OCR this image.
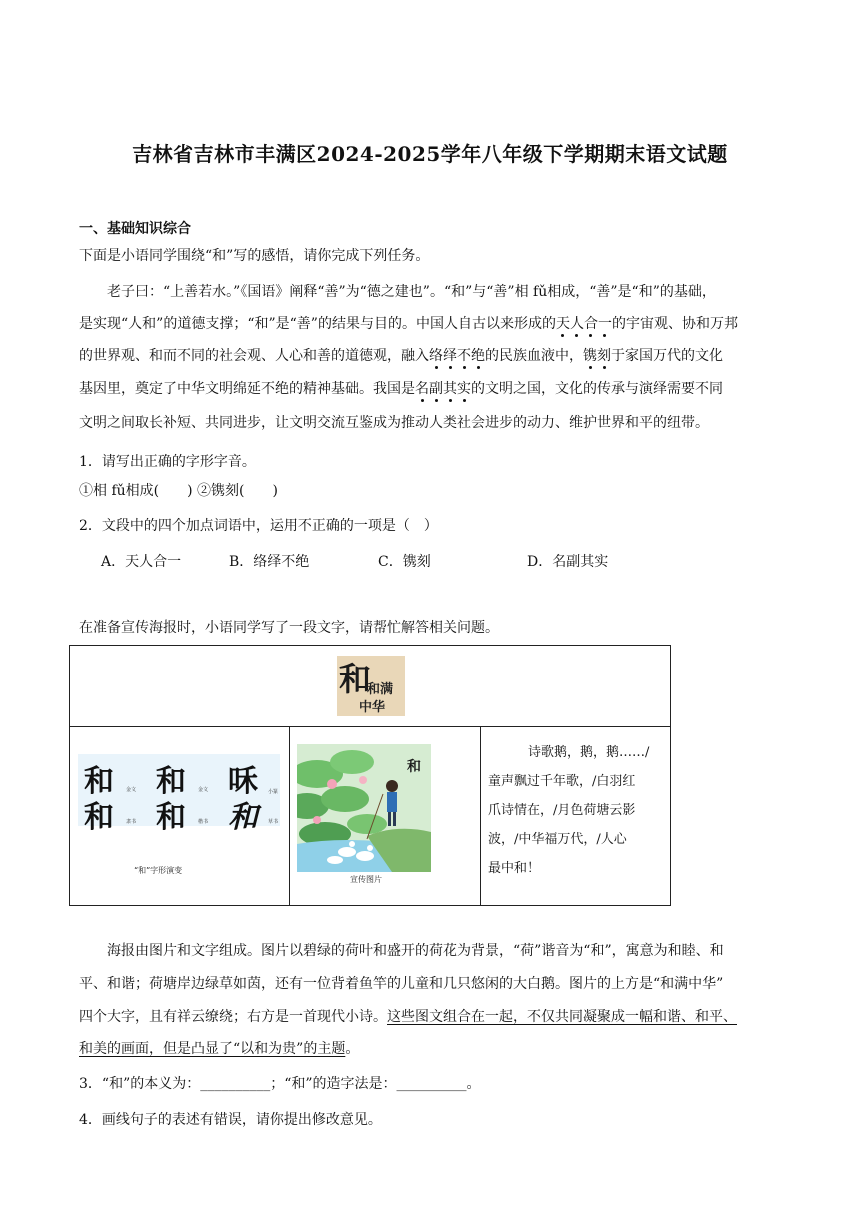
吉林省吉林市丰满区2024-2025学年八年级下学期期末语文试题
一、基础知识综合
下面是小语同学围绕“和”写的感悟，请你完成下列任务。
老子曰：“上善若水。”《国语》阐释“善”为“德之建也”。“和”与“善”相 fǔ相成，“善”是“和”的基础，
是实现“人和”的道德支撑；“和”是“善”的结果与目的。中国人自古以来形成的天人合一的宇宙观、协和万邦
的世界观、和而不同的社会观、人心和善的道德观，融入络绎不绝的民族血液中，镌刻于家国万代的文化
基因里，奠定了中华文明绵延不绝的精神基础。我国是名副其实的文明之国，文化的传承与演绎需要不同
文明之间取长补短、共同进步，让文明交流互鉴成为推动人类社会进步的动力、维护世界和平的纽带。
1．请写出正确的字形字音。
①相 fǔ相成(　　) ②镌刻(　　)
2．文段中的四个加点词语中，运用不正确的一项是（　）
A．天人合一	B．络绎不绝	C．镌刻	D．名副其实
在准备宣传海报时，小语同学写了一段文字，请帮忙解答相关问题。
和
和满
中华
和 和 咊
和 和 和
金文	金文	小篆
隶书	楷书	草书
“和”字形演变
和
宣传图片
诗歌鹅，鹅，鹅……/
童声飘过千年歌，/白羽红
爪诗情在，/月色荷塘云影
波，/中华福万代，/人心
最中和！
海报由图片和文字组成。图片以碧绿的荷叶和盛开的荷花为背景，“荷”谐音为“和”，寓意为和睦、和
平、和谐；荷塘岸边绿草如茵，还有一位背着鱼竿的儿童和几只悠闲的大白鹅。图片的上方是“和满中华”
四个大字，且有祥云缭绕；右方是一首现代小诗。这些图文组合在一起，不仅共同凝聚成一幅和谐、和平、
和美的画面，但是凸显了“以和为贵”的主题。
3．“和”的本义为：__________；“和”的造字法是：__________。
4．画线句子的表述有错误，请你提出修改意见。
